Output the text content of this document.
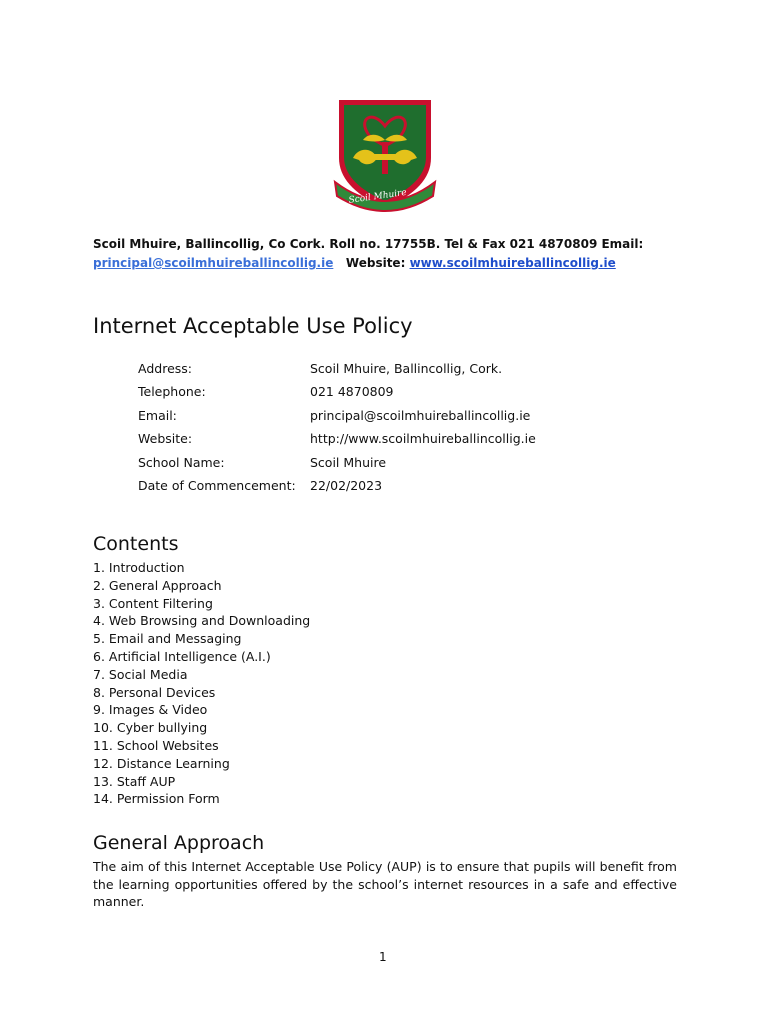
Scoil Mhuire
Scoil Mhuire, Ballincollig, Co Cork. Roll no. 17755B. Tel & Fax 021 4870809 Email:
principal@scoilmhuireballincollig.ie Website: www.scoilmhuireballincollig.ie
Internet Acceptable Use Policy
Address:	Scoil Mhuire, Ballincollig, Cork.
Telephone:	021 4870809
Email:	principal@scoilmhuireballincollig.ie
Website:	http://www.scoilmhuireballincollig.ie
School Name:	Scoil Mhuire
Date of Commencement: 22/02/2023
Contents
1. Introduction
2. General Approach
3. Content Filtering
4. Web Browsing and Downloading
5. Email and Messaging
6. Artificial Intelligence (A.I.)
7. Social Media
8. Personal Devices
9. Images & Video
10. Cyber bullying
11. School Websites
12. Distance Learning
13. Staff AUP
14. Permission Form
General Approach

The aim of this Internet Acceptable Use Policy (AUP) is to ensure that pupils will benefit from the learning opportunities offered by the school’s internet resources in a safe and effective manner.

1
